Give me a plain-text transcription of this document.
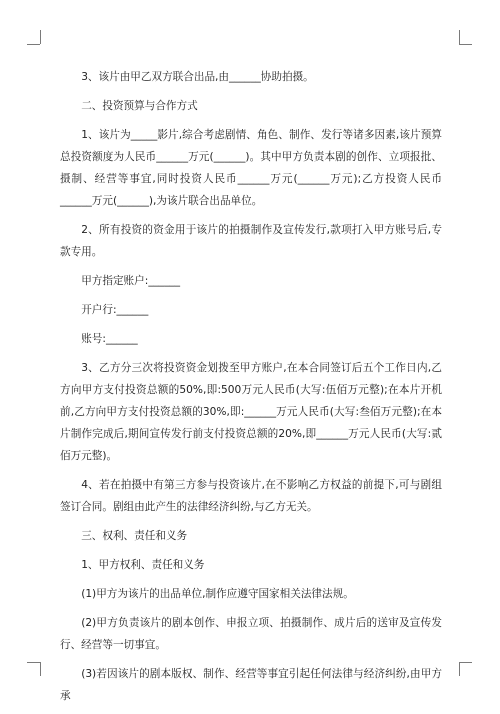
3、该片由甲乙双方联合出品,由______协助拍摄。

二、投资预算与合作方式

1、该片为_____影片,综合考虑剧情、角色、制作、发行等诸多因素,该片预算总投资额度为人民币______万元(______)。其中甲方负责本剧的创作、立项报批、摄制、经营等事宜,同时投资人民币______万元(______万元);乙方投资人民币______万元(______),为该片联合出品单位。

2、所有投资的资金用于该片的拍摄制作及宣传发行,款项打入甲方账号后,专款专用。

甲方指定账户:______

开户行:______

账号:______

3、乙方分三次将投资资金划拨至甲方账户,在本合同签订后五个工作日内,乙方向甲方支付投资总额的50%,即:500万元人民币(大写:伍佰万元整);在本片开机前,乙方向甲方支付投资总额的30%,即:______万元人民币(大写:叁佰万元整);在本片制作完成后,期间宣传发行前支付投资总额的20%,即______万元人民币(大写:贰佰万元整)。

4、若在拍摄中有第三方参与投资该片,在不影响乙方权益的前提下,可与剧组签订合同。剧组由此产生的法律经济纠纷,与乙方无关。

三、权利、责任和义务

1、甲方权利、责任和义务

(1)甲方为该片的出品单位,制作应遵守国家相关法律法规。

(2)甲方负责该片的剧本创作、申报立项、拍摄制作、成片后的送审及宣传发行、经营等一切事宜。

(3)若因该片的剧本版权、制作、经营等事宜引起任何法律与经济纠纷,由甲方承
